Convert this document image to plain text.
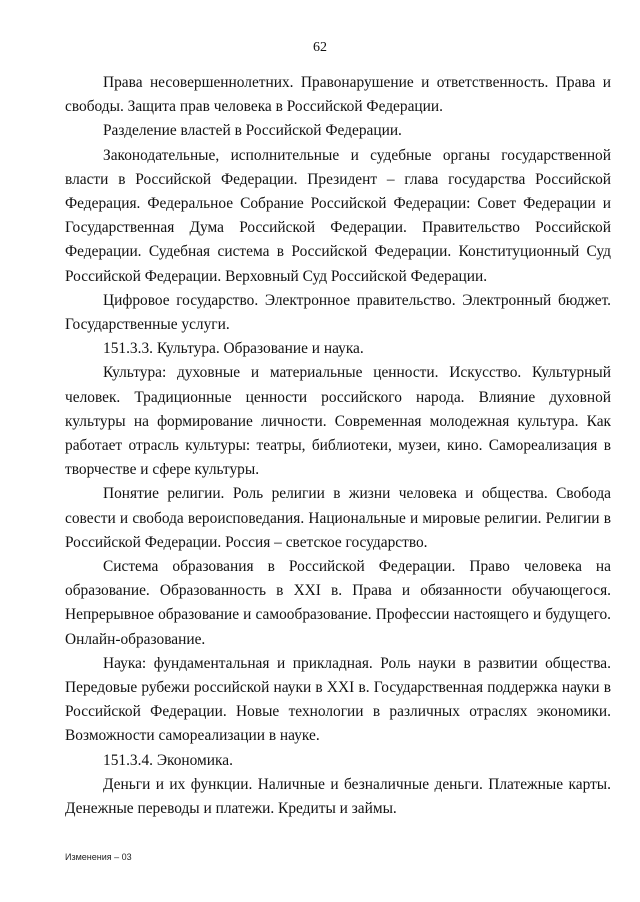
62

Права несовершеннолетних. Правонарушение и ответственность. Права и свободы. Защита прав человека в Российской Федерации.

Разделение властей в Российской Федерации.

Законодательные, исполнительные и судебные органы государственной власти в Российской Федерации. Президент – глава государства Российской Федерация. Федеральное Собрание Российской Федерации: Совет Федерации и Государственная Дума Российской Федерации. Правительство Российской Федерации. Судебная система в Российской Федерации. Конституционный Суд Российской Федерации. Верховный Суд Российской Федерации.

Цифровое государство. Электронное правительство. Электронный бюджет. Государственные услуги.

151.3.3. Культура. Образование и наука.

Культура: духовные и материальные ценности. Искусство. Культурный человек. Традиционные ценности российского народа. Влияние духовной культуры на формирование личности. Современная молодежная культура. Как работает отрасль культуры: театры, библиотеки, музеи, кино. Самореализация в творчестве и сфере культуры.

Понятие религии. Роль религии в жизни человека и общества. Свобода совести и свобода вероисповедания. Национальные и мировые религии. Религии в Российской Федерации. Россия – светское государство.

Система образования в Российской Федерации. Право человека на образование. Образованность в XXI в. Права и обязанности обучающегося. Непрерывное образование и самообразование. Профессии настоящего и будущего. Онлайн-образование.

Наука: фундаментальная и прикладная. Роль науки в развитии общества. Передовые рубежи российской науки в XXI в. Государственная поддержка науки в Российской Федерации. Новые технологии в различных отраслях экономики. Возможности самореализации в науке.

151.3.4. Экономика.

Деньги и их функции. Наличные и безналичные деньги. Платежные карты. Денежные переводы и платежи. Кредиты и займы.

Изменения – 03
